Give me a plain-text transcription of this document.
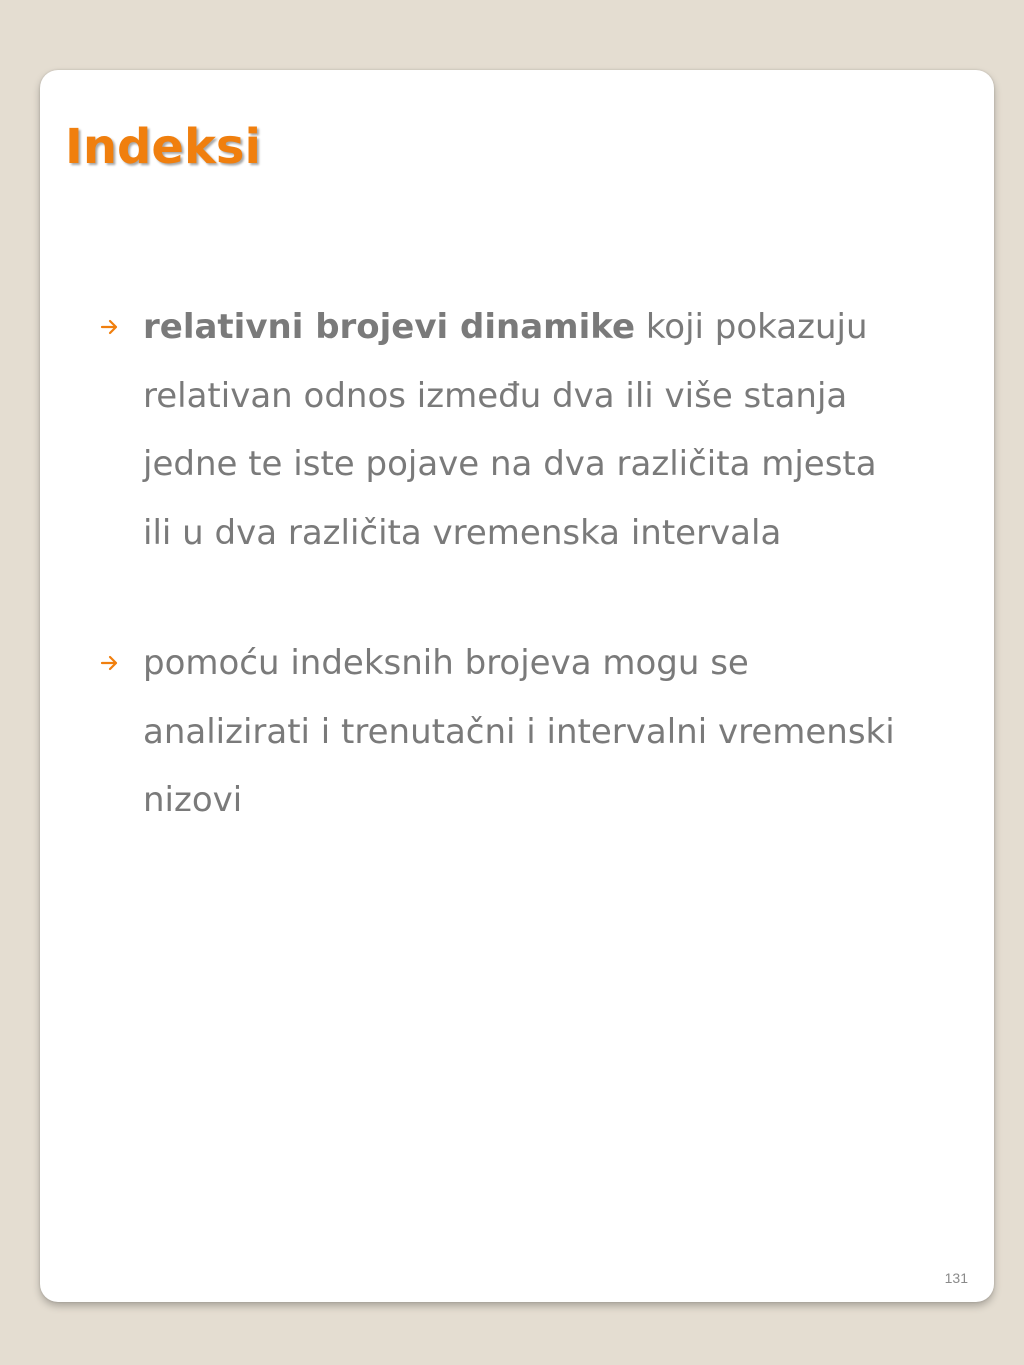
Indeksi
relativni brojevi dinamike koji pokazuju relativan odnos između dva ili više stanja jedne te iste pojave na dva različita mjesta ili u dva različita vremenska intervala
pomoću indeksnih brojeva mogu se analizirati i trenutačni i intervalni vremenski nizovi
131
